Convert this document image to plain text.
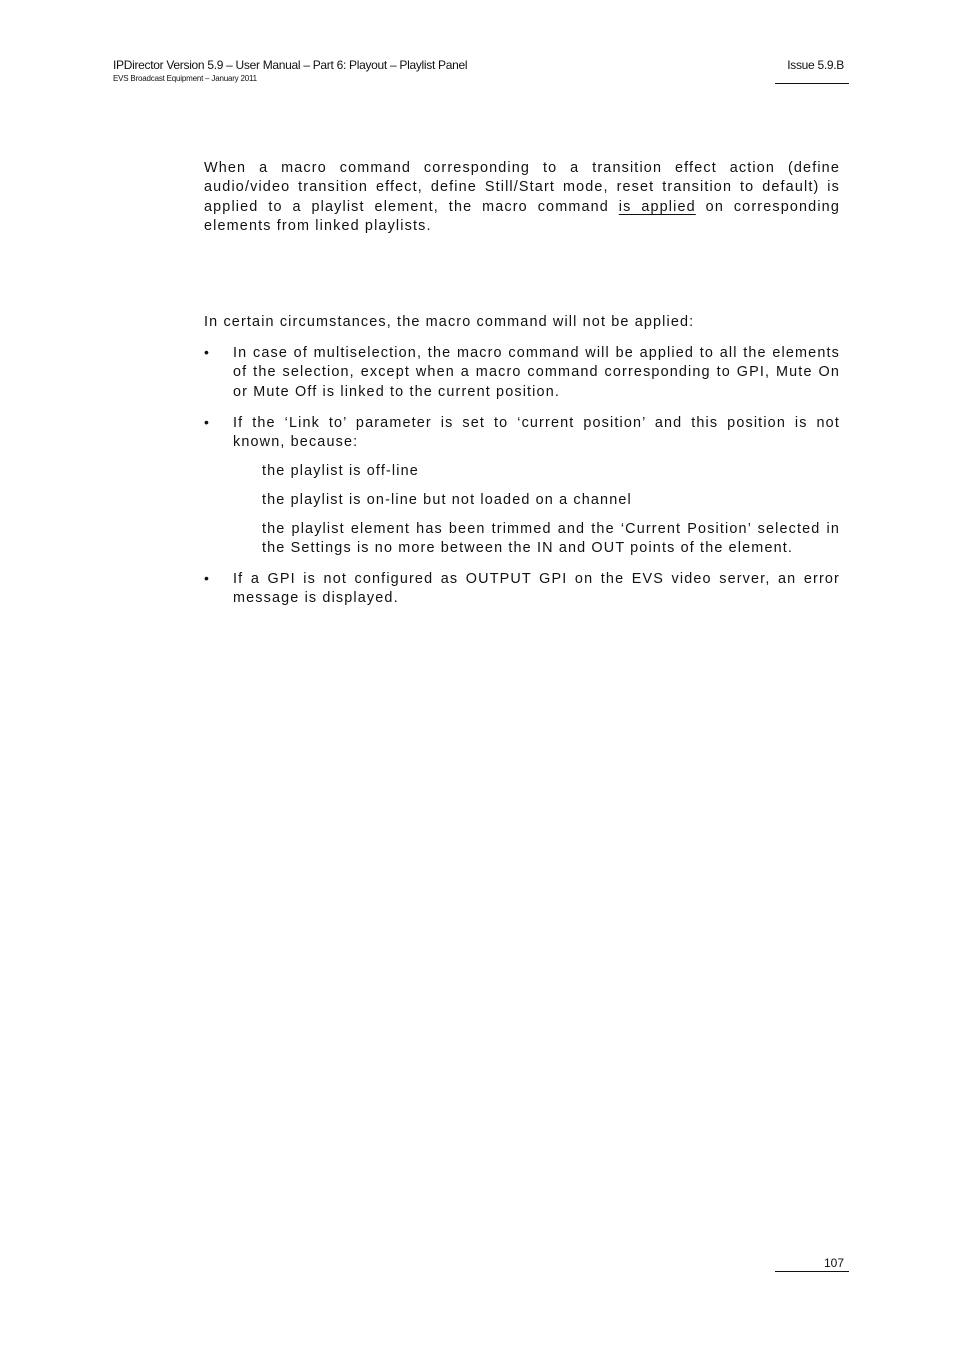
IPDirector Version 5.9 – User Manual – Part 6: Playout – Playlist Panel
EVS Broadcast Equipment – January 2011
Issue 5.9.B

When a macro command corresponding to a transition effect action (define audio/video transition effect, define Still/Start mode, reset transition to default) is applied to a playlist element, the macro command is applied on corresponding elements from linked playlists.

In certain circumstances, the macro command will not be applied:

• In case of multiselection, the macro command will be applied to all the elements of the selection, except when a macro command corresponding to GPI, Mute On or Mute Off is linked to the current position.

• If the ‘Link to’ parameter is set to ‘current position’ and this position is not known, because:

the playlist is off-line

the playlist is on-line but not loaded on a channel

the playlist element has been trimmed and the ‘Current Position’ selected in the Settings is no more between the IN and OUT points of the element.

• If a GPI is not configured as OUTPUT GPI on the EVS video server, an error message is displayed.

107
